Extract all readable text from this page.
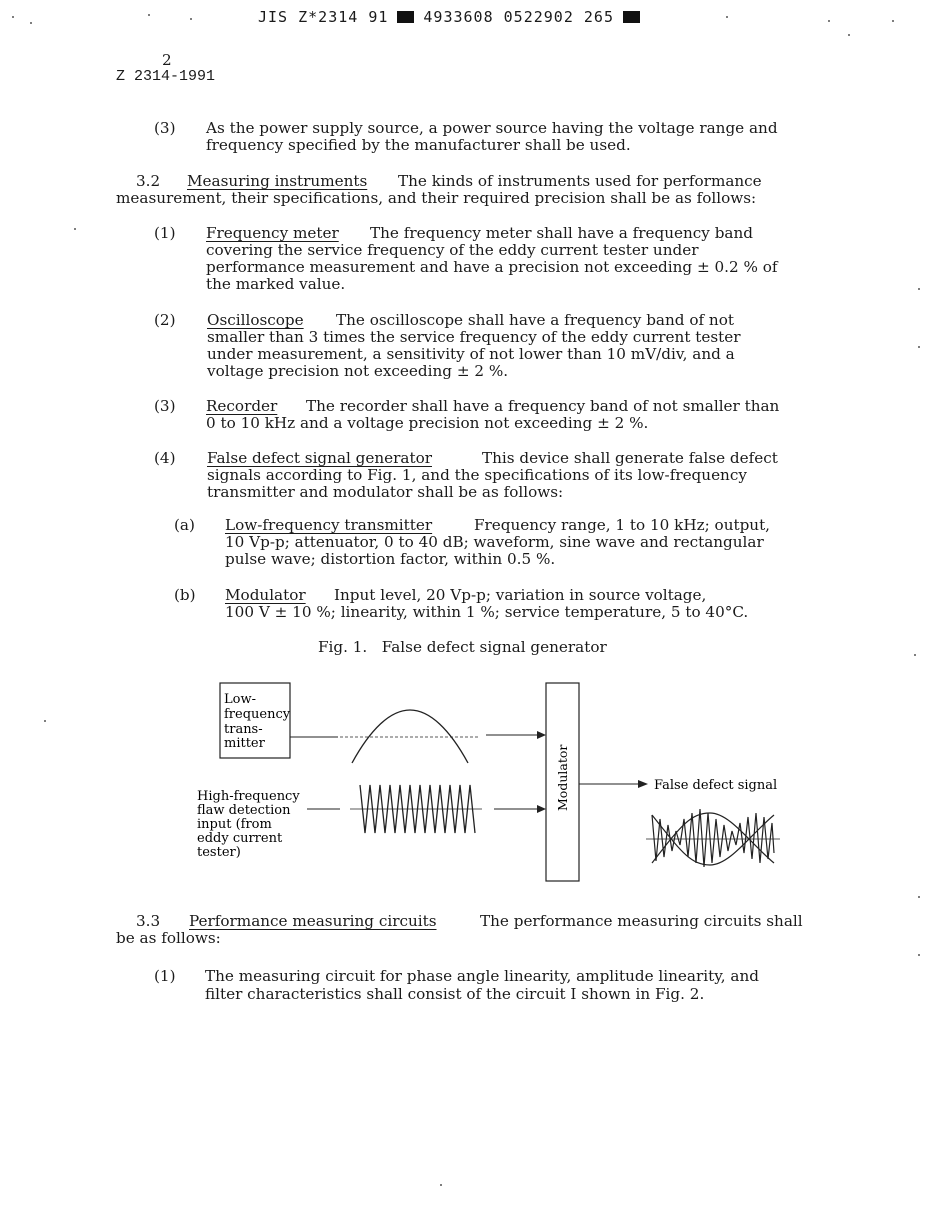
JIS Z*2314 91 4933608 0522902 265
2
Z 2314-1991
(3) As the power supply source, a power source having the voltage range and
frequency specified by the manufacturer shall be used.
3.2 Measuring instruments The kinds of instruments used for performance
measurement, their specifications, and their required precision shall be as follows:
(1) Frequency meter The frequency meter shall have a frequency band
covering the service frequency of the eddy current tester under
performance measurement and have a precision not exceeding ± 0.2 % of
the marked value.
(2) Oscilloscope The oscilloscope shall have a frequency band of not
smaller than 3 times the service frequency of the eddy current tester
under measurement, a sensitivity of not lower than 10 mV/div, and a
voltage precision not exceeding ± 2 %.
(3) Recorder The recorder shall have a frequency band of not smaller than
0 to 10 kHz and a voltage precision not exceeding ± 2 %.
(4) False defect signal generator	This device shall generate false defect
signals according to Fig. 1, and the specifications of its low-frequency
transmitter and modulator shall be as follows:
(a) Low-frequency transmitter	Frequency range, 1 to 10 kHz; output,
10 Vp-p; attenuator, 0 to 40 dB; waveform, sine wave and rectangular
pulse wave; distortion factor, within 0.5 %.
(b) Modulator Input level, 20 Vp-p; variation in source voltage,
100 V ± 10 %; linearity, within 1 %; service temperature, 5 to 40°C.
Fig. 1.   False defect signal generator
Low-
frequency
trans-
mitter
High-frequency
flaw detection
input (from
eddy current
tester)
Modulator	False defect signal
3.3 Performance measuring circuits	The performance measuring circuits shall
be as follows:
(1) The measuring circuit for phase angle linearity, amplitude linearity, and
filter characteristics shall consist of the circuit I shown in Fig. 2.
